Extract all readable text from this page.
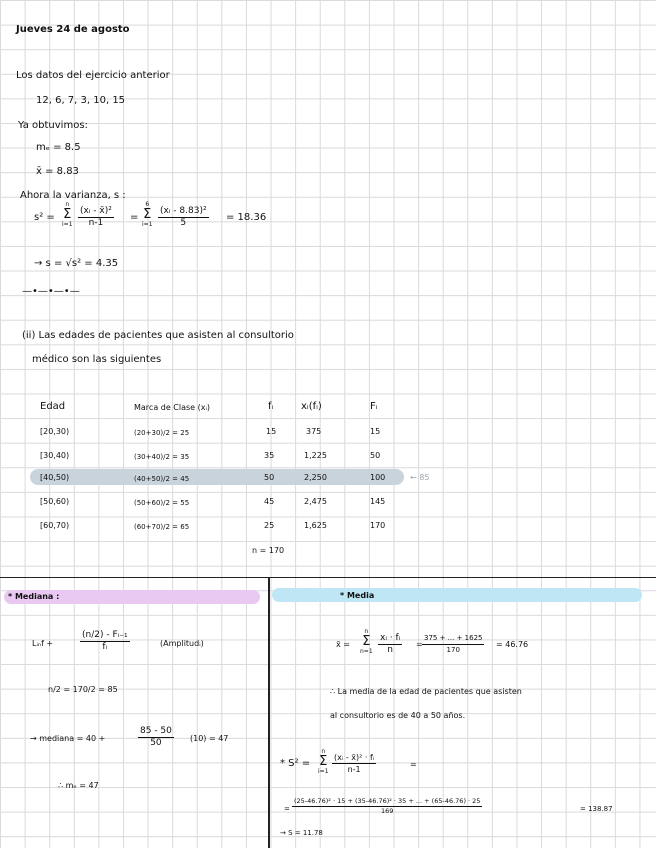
Jueves 24 de agosto
Los datos del ejercicio anterior
12, 6, 7, 3, 10, 15
Ya obtuvimos:
mₑ = 8.5
x̄ = 8.83
Ahora la varianza, s :
s² =
n
Σ
$i=1 \frac{\text{(xᵢ - x̄)²}}{n-1}$ =
6
Σ
$i=1 \frac{\text{(xᵢ - 8.83)²}}{5} = 18.36$
→ s = √s² = 4.35
—•—•—•—
(ii) Las edades de pacientes que asisten al consultorio
médico son las siguientes
Edad	Marca de Clase (xᵢ)	fᵢ	xᵢ(fᵢ)	Fᵢ
[20,30)	(20+30)/2 = 25	15	375	15
[30,40)	(30+40)/2 = 35	35	1,225	50
[40,50)	(40+50)/2 = 45	50	2,250	100	← 85
[50,60)	(50+60)/2 = 55	45	2,475	145
[60,70)	(60+70)/2 = 65	25	1,625	170
n = 170
* Mediana :
Lᵢₙf +	$\frac{\text{(n/2) - Fᵢ₋₁}}{\text{fᵢ}}$	(Amplitudᵢ)
n/2 = 170/2 = 85
→ mediana = 40 +	$\frac{85 - 50}{50} (10) = 47$
∴ mₑ = 47
* Media
x̄ =
n
Σ
$n=1 \frac{\text{xᵢ · fᵢ}}{n} = \frac{375 + ... + 1625}{170} = 46.76$
∴ La media de la edad de pacientes que asisten
al consultorio es de 40 a 50 años.
* S² =
n
Σ
$i=1 \frac{\text{(xᵢ - x̄)² · fᵢ}}{n-1}$	=
= $\frac{\text{(25-46.76)² · 15 + (35-46.76)² · 35 + ... + (65-46.76) · 25}}{169}$	= 138.87
→ S = 11.78
